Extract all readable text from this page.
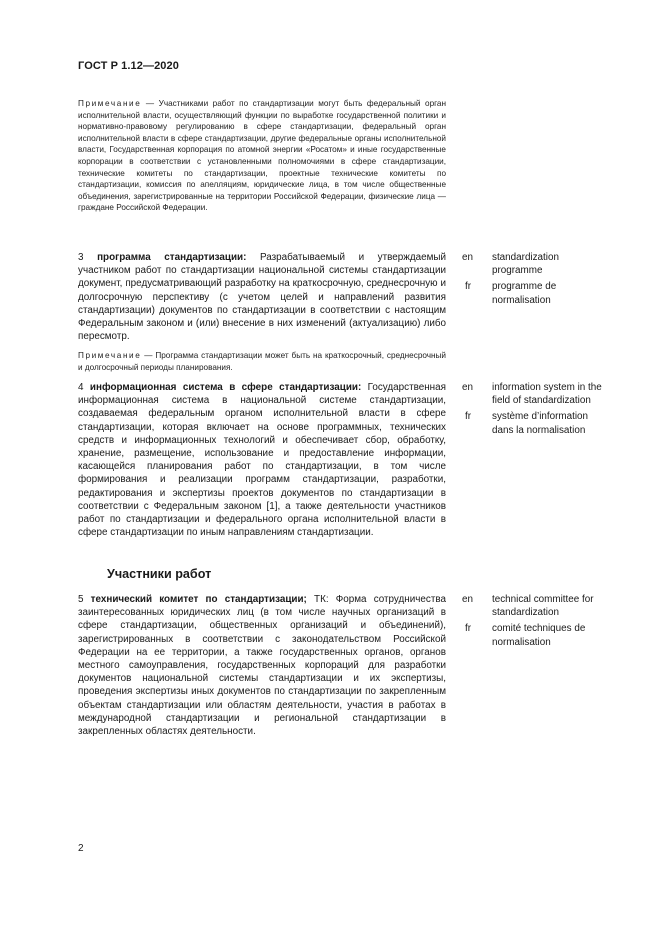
ГОСТ Р 1.12—2020
Примечание — Участниками работ по стандартизации могут быть федеральный орган исполнительной власти, осуществляющий функции по выработке государственной политики и нормативно-правовому регулированию в сфере стандартизации, федеральный орган исполнительной власти в сфере стандартизации, другие федеральные органы исполнительной власти, Государственная корпорация по атомной энергии «Росатом» и иные государственные корпорации в соответствии с установленными полномочиями в сфере стандартизации, технические комитеты по стандартизации, проектные технические комитеты по стандартизации, комиссия по апелляциям, юридические лица, в том числе общественные объединения, зарегистрированные на территории Российской Федерации, физические лица — граждане Российской Федерации.
3 программа стандартизации: Разрабатываемый и утверждаемый участником работ по стандартизации национальной системы стандартизации документ, предусматривающий разработку на краткосрочную, среднесрочную и долгосрочную перспективу (с учетом целей и направлений развития стандартизации) документов по стандартизации в соответствии с настоящим Федеральным законом и (или) внесение в них изменений (актуализацию) либо пересмотр.
en	standardization programme
fr	programme de normalisation
Примечание — Программа стандартизации может быть на краткосрочный, среднесрочный и долгосрочный периоды планирования.
4 информационная система в сфере стандартизации: Государственная информационная система в национальной системе стандартизации, создаваемая федеральным органом исполнительной власти в сфере стандартизации, которая включает на основе программных, технических средств и информационных технологий и обеспечивает сбор, обработку, хранение, размещение, использование и предоставление информации, касающейся планирования работ по стандартизации, в том числе формирования и реализации программ стандартизации, разработки, редактирования и экспертизы проектов документов по стандартизации в соответствии с Федеральным законом [1], а также деятельности участников работ по стандартизации и федерального органа исполнительной власти в сфере стандартизации по иным направлениям стандартизации.
en	information system in the field of standardization
fr	système d’information dans la normalisation
Участники работ
5 технический комитет по стандартизации; ТК: Форма сотрудничества заинтересованных юридических лиц (в том числе научных организаций в сфере стандартизации, общественных организаций и объединений), зарегистрированных в соответствии с законодательством Российской Федерации на ее территории, а также государственных органов, органов местного самоуправления, государственных корпораций для разработки документов национальной системы стандартизации и их экспертизы, проведения экспертизы иных документов по стандартизации по закрепленным объектам стандартизации или областям деятельности, участия в работах в международной стандартизации и региональной стандартизации в закрепленных областях деятельности.
en	technical committee for standardization
fr	comité techniques de normalisation
2
